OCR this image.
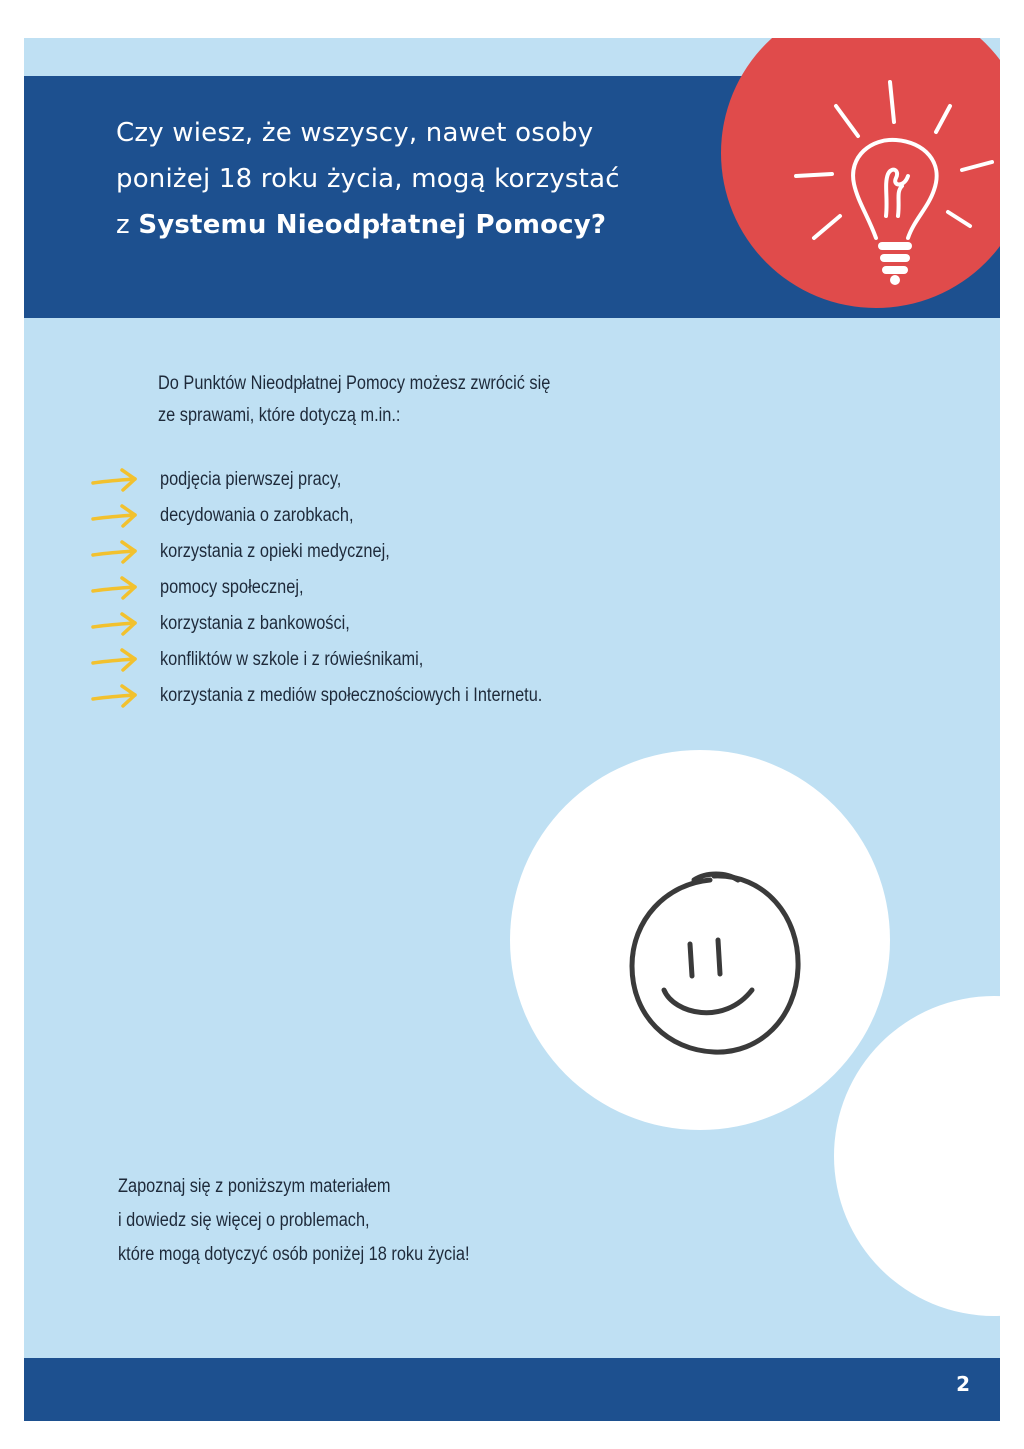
Czy wiesz, że wszyscy, nawet osoby
poniżej 18 roku życia, mogą korzystać
z Systemu Nieodpłatnej Pomocy?

Do Punktów Nieodpłatnej Pomocy możesz zwrócić się
ze sprawami, które dotyczą m.in.:

podjęcia pierwszej pracy,
decydowania o zarobkach,
korzystania z opieki medycznej,
pomocy społecznej,
korzystania z bankowości,
konfliktów w szkole i z rówieśnikami,
korzystania z mediów społecznościowych i Internetu.

Zapoznaj się z poniższym materiałem
i dowiedz się więcej o problemach,
które mogą dotyczyć osób poniżej 18 roku życia!

2
